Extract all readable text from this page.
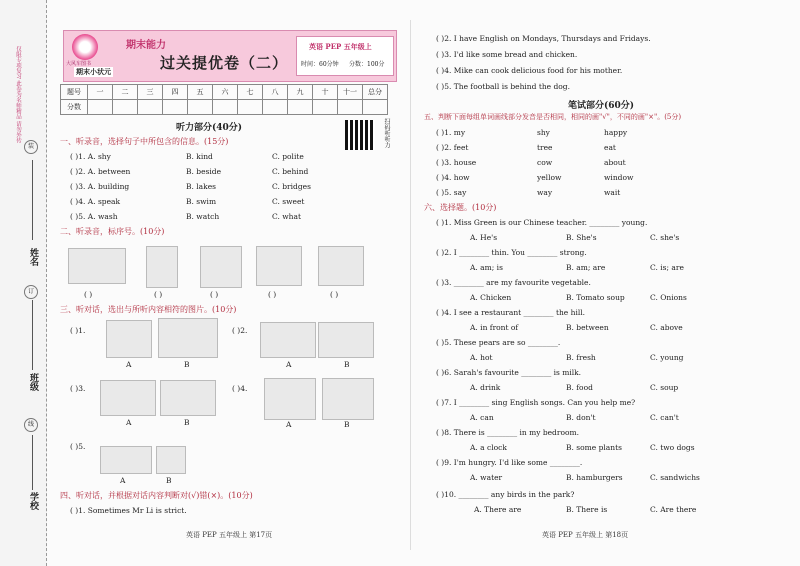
仅限专项复习 此卷为名师精品 请勿外传
装
姓名
订
班级
线
学校
大风车图书
期末能力
期末小状元	过关提优卷（二）
英语 PEP 五年级上
时间：60分钟 分数：100分
题号	一	二	三	四	五	六	七	八	九	十	十一	总分
分数												
扫码听听力
听力部分(40分)
一、听录音，选择句子中所包含的信息。(15分)
( )1. A. shy	B. kind	C. polite
( )2. A. between	B. beside	C. behind
( )3. A. building	B. lakes	C. bridges
( )4. A. speak	B. swim	C. sweet
( )5. A. wash	B. watch	C. what
二、听录音，标序号。(10分)
( )	( )	( )	( )	( )
三、听对话，选出与所听内容相符的图片。(10分)
( )1.
A	B
( )2.
A	B
( )3.
A	B
( )4.
A	B
( )5.
A	B
四、听对话，并根据对话内容判断对(√)错(×)。(10分)
( )1. Sometimes Mr Li is strict.
英语 PEP 五年级上 第17页
( )2. I have English on Mondays, Thursdays and Fridays.
( )3. I'd like some bread and chicken.
( )4. Mike can cook delicious food for his mother.
( )5. The football is behind the dog.
笔试部分(60分)
五、判断下面每组单词画线部分发音是否相同，相同的画"√"，不同的画"×"。(5分)
( )1. my	shy	happy
( )2. feet	tree	eat
( )3. house	cow	about
( )4. how	yellow	window
( )5. say	way	wait
六、选择题。(10分)
( )1. Miss Green is our Chinese teacher. ________ young.
A. He's	B. She's	C. she's
( )2. I ________ thin. You ________ strong.
A. am; is	B. am; are	C. is; are
( )3. ________ are my favourite vegetable.
A. Chicken	B. Tomato soup	C. Onions
( )4. I see a restaurant ________ the hill.
A. in front of	B. between	C. above
( )5. These pears are so ________.
A. hot	B. fresh	C. young
( )6. Sarah's favourite ________ is milk.
A. drink	B. food	C. soup
( )7. I ________ sing English songs. Can you help me?
A. can	B. don't	C. can't
( )8. There is ________ in my bedroom.
A. a clock	B. some plants	C. two dogs
( )9. I'm hungry. I'd like some ________.
A. water	B. hamburgers	C. sandwichs
( )10. ________ any birds in the park?
A. There are	B. There is	C. Are there
英语 PEP 五年级上 第18页
